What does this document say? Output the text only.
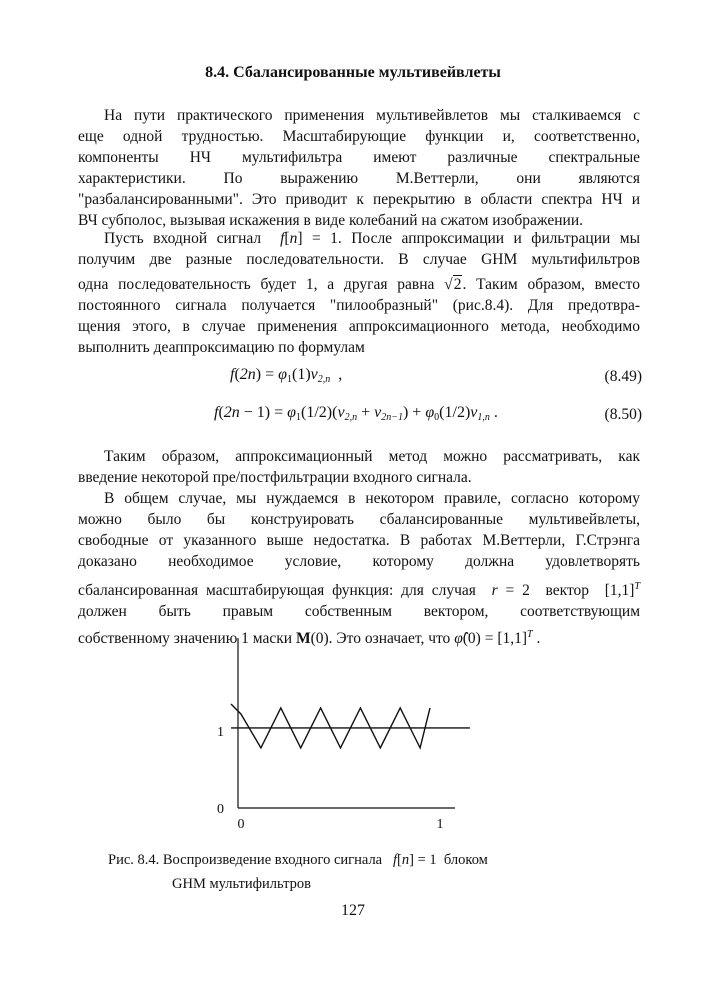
8.4. Сбалансированные мультивейвлеты
На пути практического применения мультивейвлетов мы сталкиваемся с
еще одной трудностью. Масштабирующие функции и, соответственно,
компоненты НЧ мультифильтра имеют различные спектральные
характеристики. По выражению М.Веттерли, они являются
"разбалансированными". Это приводит к перекрытию в области спектра НЧ и
ВЧ субполос, вызывая искажения в виде колебаний на сжатом изображении.
Пусть входной сигнал f[n] = 1. После аппроксимации и фильтрации мы
получим две разные последовательности. В случае GHM мультифильтров
одна последовательность будет 1, а другая равна √2. Таким образом, вместо
постоянного сигнала получается "пилообразный" (рис.8.4). Для предотвра-
щения этого, в случае применения аппроксимационного метода, необходимо
выполнить деаппроксимацию по формулам
$f(2n) = \varphi_1(1)v_{2,n}$  ,	(8.49)
$f(2n - 1) = \varphi_1(1/2)(v_{2,n} + v_{2n-1}) + \varphi_0(1/2)v_{1,n}$ .	(8.50)
Таким образом, аппроксимационный метод можно рассматривать, как
введение некоторой пре/постфильтрации входного сигнала.
В общем случае, мы нуждаемся в некотором правиле, согласно которому
можно было бы конструировать сбалансированные мультивейвлеты,
свободные от указанного выше недостатка. В работах М.Веттерли, Г.Стрэнга
доказано необходимое условие, которому должна удовлетворять
сбалансированная масштабирующая функция: для случая r = 2  вектор $[1,1]^T$
должен быть правым собственным вектором, соответствующим
собственному значению 1 маски M(0). Это означает, что φ̂(0) = $[1,1]^T$ .
0	1
0
1
Рис. 8.4. Воспроизведение входного сигнала f[n] = 1  блоком
GHM мультифильтров
127
